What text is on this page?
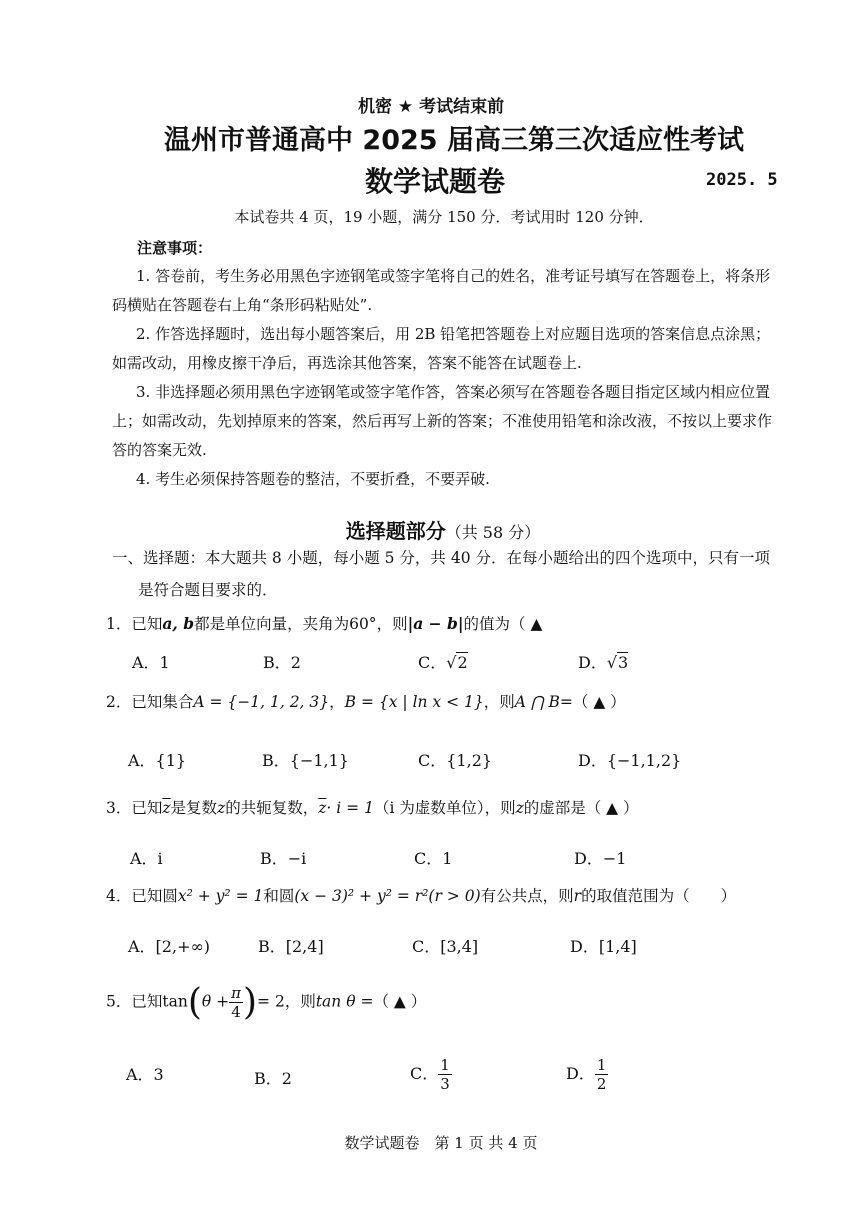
机密 ★ 考试结束前
温州市普通高中 2025 届高三第三次适应性考试
数学试题卷	2025. 5
本试卷共 4 页，19 小题，满分 150 分．考试用时 120 分钟．
注意事项：
1. 答卷前，考生务必用黑色字迹钢笔或签字笔将自己的姓名，准考证号填写在答题卷上，将条形码横贴在答题卷右上角“条形码粘贴处”.
2. 作答选择题时，选出每小题答案后，用 2B 铅笔把答题卷上对应题目选项的答案信息点涂黑；如需改动，用橡皮擦干净后，再选涂其他答案，答案不能答在试题卷上.
3. 非选择题必须用黑色字迹钢笔或签字笔作答，答案必须写在答题卷各题目指定区域内相应位置上；如需改动，先划掉原来的答案，然后再写上新的答案；不准使用铅笔和涂改液，不按以上要求作答的答案无效.
4. 考生必须保持答题卷的整洁，不要折叠，不要弄破.
选择题部分（共 58 分）
一、选择题：本大题共 8 小题，每小题 5 分，共 40 分．在每小题给出的四个选项中，只有一项
是符合题目要求的．
1．已知a, b都是单位向量，夹角为60°，则|a − b|的值为（ ▲
A．1	B．2	C．√2	D．√3
2．已知集合A = {−1, 1, 2, 3}，B = {x | ln x < 1}，则A ⋂ B=（ ▲ ）
A．{1}	B．{−1,1}	C．{1,2}	D．{−1,1,2}
3．已知$\overline{z}$是复数z的共轭复数，$\overline{z}\cdot i = 1(i$ 为虚数单位），则z的虚部是（ ▲ ）
A．i	B．−i	C．1	D．−1
4．已知圆x² + y² = 1和圆(x − 3)² + y² = r²(r > 0)有公共点，则r的取值范围为（　　）
A．[2,+∞)	B．[2,4]	C．[3,4]	D．[1,4]
5．已知$\tan(\theta + \frac{\pi}{4}$ )= 2，则tan θ =（ ▲ ）
A．3	B．2	C． $\frac{1}{3}$	D． $\frac{1}{2}$
数学试题卷　第 1 页 共 4 页
